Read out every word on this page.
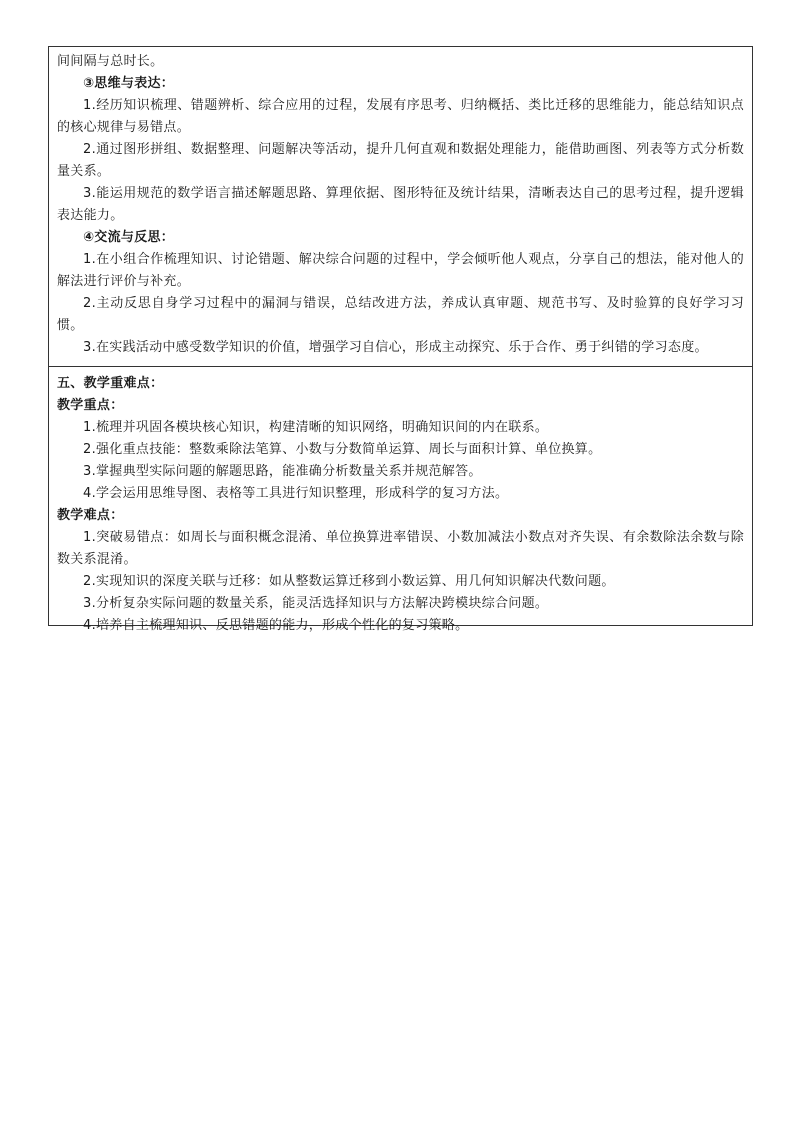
间间隔与总时长。
③思维与表达：
1.经历知识梳理、错题辨析、综合应用的过程，发展有序思考、归纳概括、类比迁移的思维能力，能总结知识点的核心规律与易错点。
2.通过图形拼组、数据整理、问题解决等活动，提升几何直观和数据处理能力，能借助画图、列表等方式分析数量关系。
3.能运用规范的数学语言描述解题思路、算理依据、图形特征及统计结果，清晰表达自己的思考过程，提升逻辑表达能力。
④交流与反思：
1.在小组合作梳理知识、讨论错题、解决综合问题的过程中，学会倾听他人观点，分享自己的想法，能对他人的解法进行评价与补充。
2.主动反思自身学习过程中的漏洞与错误，总结改进方法，养成认真审题、规范书写、及时验算的良好学习习惯。
3.在实践活动中感受数学知识的价值，增强学习自信心，形成主动探究、乐于合作、勇于纠错的学习态度。
五、教学重难点：
教学重点：
1.梳理并巩固各模块核心知识，构建清晰的知识网络，明确知识间的内在联系。
2.强化重点技能：整数乘除法笔算、小数与分数简单运算、周长与面积计算、单位换算。
3.掌握典型实际问题的解题思路，能准确分析数量关系并规范解答。
4.学会运用思维导图、表格等工具进行知识整理，形成科学的复习方法。
教学难点：
1.突破易错点：如周长与面积概念混淆、单位换算进率错误、小数加减法小数点对齐失误、有余数除法余数与除数关系混淆。
2.实现知识的深度关联与迁移：如从整数运算迁移到小数运算、用几何知识解决代数问题。
3.分析复杂实际问题的数量关系，能灵活选择知识与方法解决跨模块综合问题。
4.培养自主梳理知识、反思错题的能力，形成个性化的复习策略。
